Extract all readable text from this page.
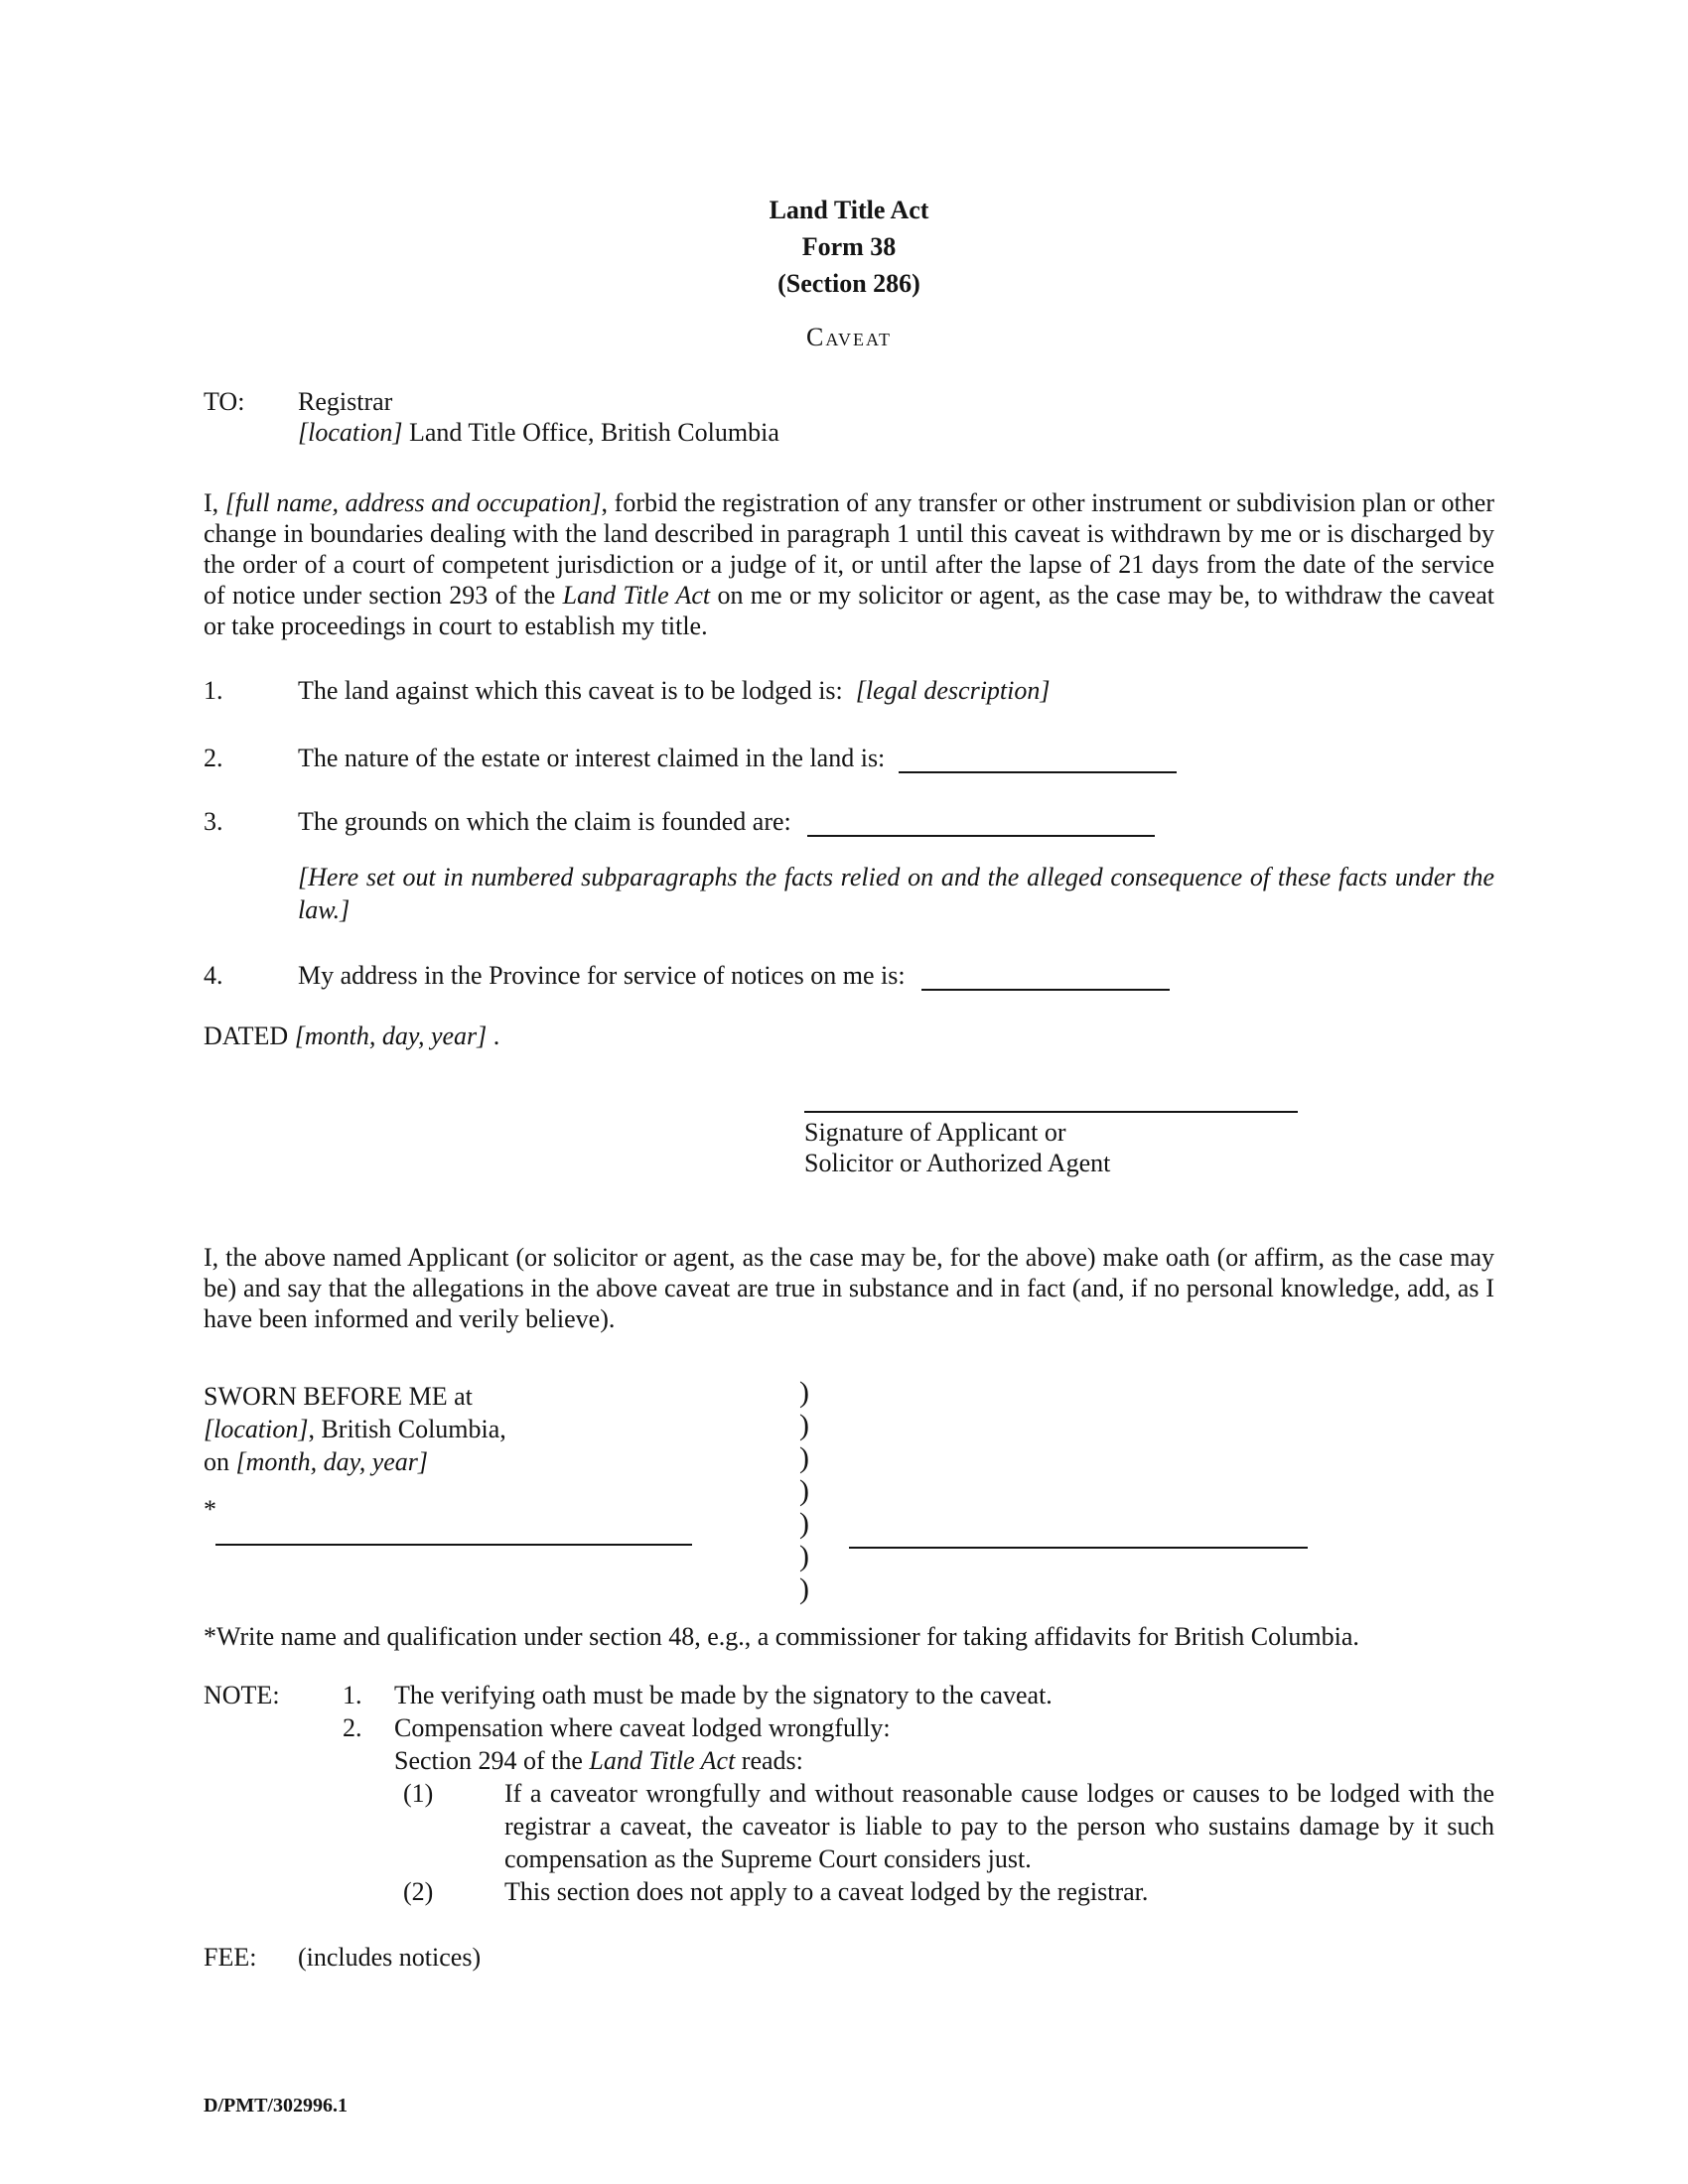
Land Title Act
Form 38
(Section 286)
Caveat
TO:	Registrar
[location] Land Title Office, British Columbia
I, [full name, address and occupation], forbid the registration of any transfer or other instrument or subdivision plan or other change in boundaries dealing with the land described in paragraph 1 until this caveat is withdrawn by me or is discharged by the order of a court of competent jurisdiction or a judge of it, or until after the lapse of 21 days from the date of the service of notice under section 293 of the Land Title Act on me or my solicitor or agent, as the case may be, to withdraw the caveat or take proceedings in court to establish my title.
1.	The land against which this caveat is to be lodged is:  [legal description]
2.	The nature of the estate or interest claimed in the land is:
3.	The grounds on which the claim is founded are:
[Here set out in numbered subparagraphs the facts relied on and the alleged consequence of these facts under the law.]
4.	My address in the Province for service of notices on me is:
DATED [month, day, year] .
Signature of Applicant or
Solicitor or Authorized Agent
I, the above named Applicant (or solicitor or agent, as the case may be, for the above) make oath (or affirm, as the case may be) and say that the allegations in the above caveat are true in substance and in fact (and, if no personal knowledge, add, as I have been informed and verily believe).
SWORN BEFORE ME at
[location], British Columbia,
on [month, day, year]
)
)
)
)
)
)
)
*
*Write name and qualification under section 48, e.g., a commissioner for taking affidavits for British Columbia.
NOTE:	1.	The verifying oath must be made by the signatory to the caveat.
2.	Compensation where caveat lodged wrongfully:
Section 294 of the Land Title Act reads:
(1)	If a caveator wrongfully and without reasonable cause lodges or causes to be lodged with the registrar a caveat, the caveator is liable to pay to the person who sustains damage by it such compensation as the Supreme Court considers just.
(2)	This section does not apply to a caveat lodged by the registrar.
FEE:	(includes notices)
D/PMT/302996.1
